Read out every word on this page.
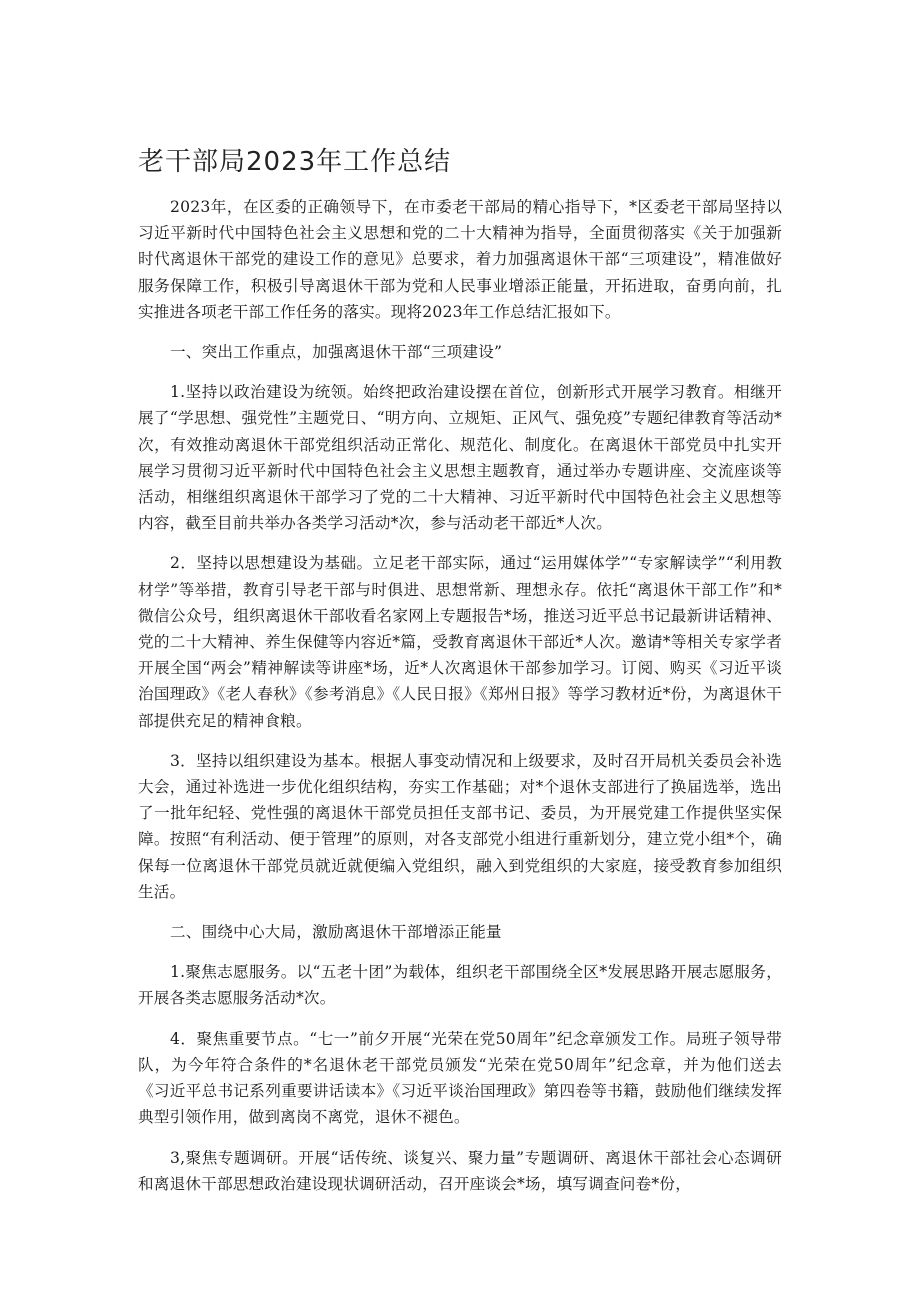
老干部局2023年工作总结

2023年，在区委的正确领导下，在市委老干部局的精心指导下，*区委老干部局坚持以习近平新时代中国特色社会主义思想和党的二十大精神为指导，全面贯彻落实《关于加强新时代离退休干部党的建设工作的意见》总要求，着力加强离退休干部“三项建设”，精准做好服务保障工作，积极引导离退休干部为党和人民事业增添正能量，开拓进取，奋勇向前，扎实推进各项老干部工作任务的落实。现将2023年工作总结汇报如下。

一、突出工作重点，加强离退休干部“三项建设”

1.坚持以政治建设为统领。始终把政治建设摆在首位，创新形式开展学习教育。相继开展了“学思想、强党性”主题党日、“明方向、立规矩、正风气、强免疫”专题纪律教育等活动*次，有效推动离退休干部党组织活动正常化、规范化、制度化。在离退休干部党员中扎实开展学习贯彻习近平新时代中国特色社会主义思想主题教育，通过举办专题讲座、交流座谈等活动，相继组织离退休干部学习了党的二十大精神、习近平新时代中国特色社会主义思想等内容，截至目前共举办各类学习活动*次，参与活动老干部近*人次。

2．坚持以思想建设为基础。立足老干部实际，通过“运用媒体学”“专家解读学”“利用教材学”等举措，教育引导老干部与时俱进、思想常新、理想永存。依托“离退休干部工作”和*微信公众号，组织离退休干部收看名家网上专题报告*场，推送习近平总书记最新讲话精神、党的二十大精神、养生保健等内容近*篇，受教育离退休干部近*人次。邀请*等相关专家学者开展全国“两会”精神解读等讲座*场，近*人次离退休干部参加学习。订阅、购买《习近平谈治国理政》《老人春秋》《参考消息》《人民日报》《郑州日报》等学习教材近*份，为离退休干部提供充足的精神食粮。

3．坚持以组织建设为基本。根据人事变动情况和上级要求，及时召开局机关委员会补选大会，通过补选进一步优化组织结构，夯实工作基础；对*个退休支部进行了换届选举，选出了一批年纪轻、党性强的离退休干部党员担任支部书记、委员，为开展党建工作提供坚实保障。按照“有利活动、便于管理”的原则，对各支部党小组进行重新划分，建立党小组*个，确保每一位离退休干部党员就近就便编入党组织，融入到党组织的大家庭，接受教育参加组织生活。

二、围绕中心大局，激励离退休干部增添正能量

1.聚焦志愿服务。以“五老十团”为载体，组织老干部围绕全区*发展思路开展志愿服务，开展各类志愿服务活动*次。

4．聚焦重要节点。“七一”前夕开展“光荣在党50周年”纪念章颁发工作。局班子领导带队，为今年符合条件的*名退休老干部党员颁发“光荣在党50周年”纪念章，并为他们送去《习近平总书记系列重要讲话读本》《习近平谈治国理政》第四卷等书籍，鼓励他们继续发挥典型引领作用，做到离岗不离党，退休不褪色。

3,聚焦专题调研。开展“话传统、谈复兴、聚力量”专题调研、离退休干部社会心态调研和离退休干部思想政治建设现状调研活动，召开座谈会*场，填写调查问卷*份，
